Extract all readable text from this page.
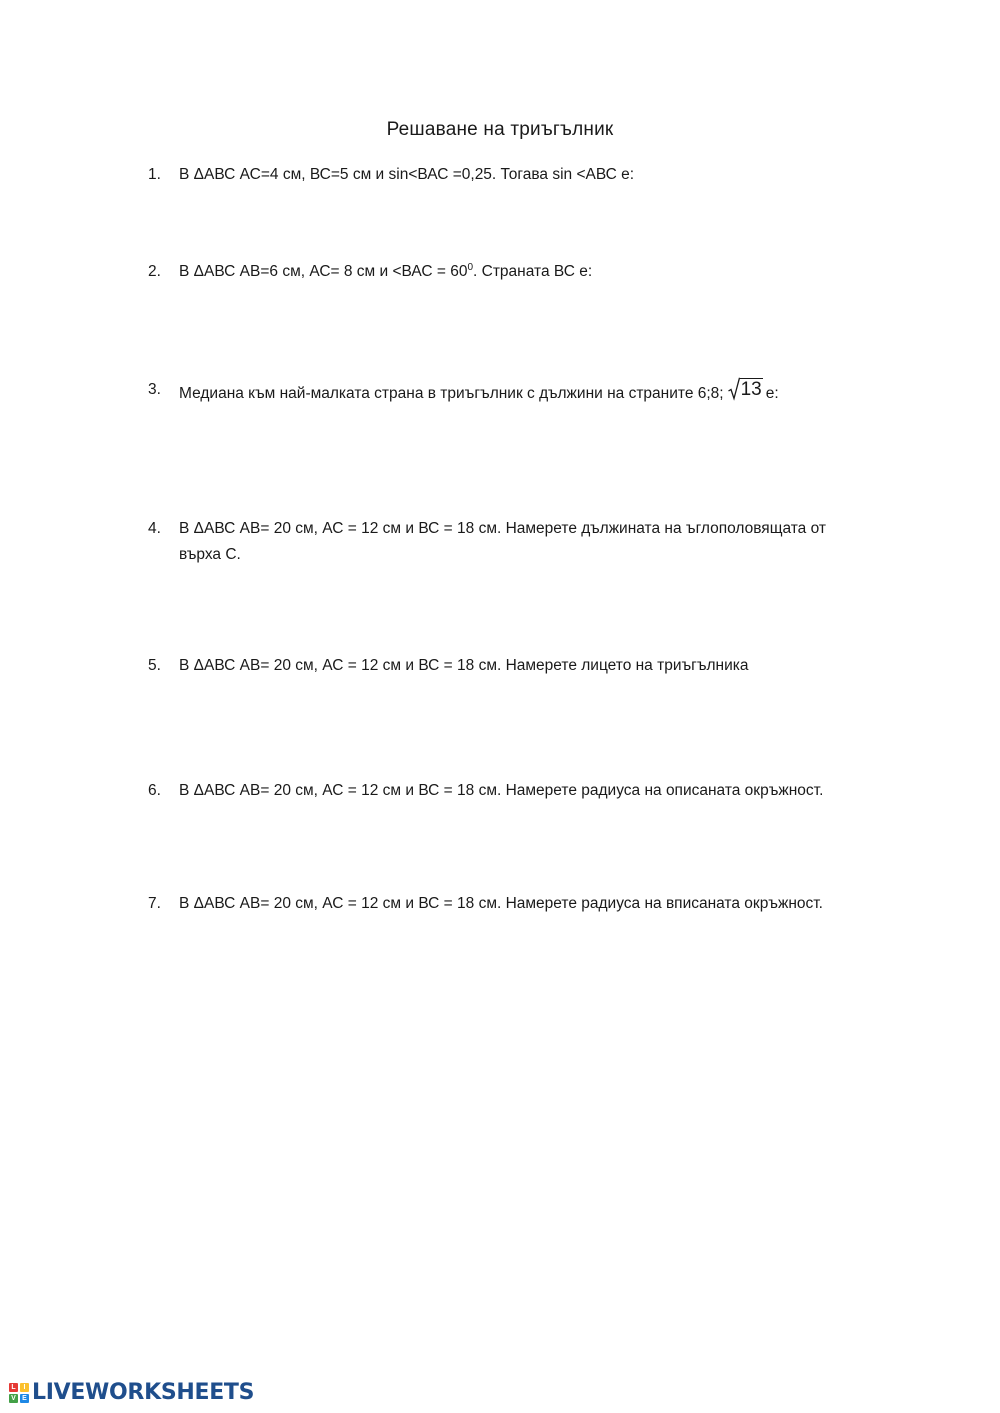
Решаване на триъгълник
1. В ΔАВС АС=4 см, ВС=5 см и sin<ВАС =0,25. Тогава sin <АВС е:
2. В ΔАВС АВ=6 см, АС= 8 см $и <ВАС = 60^0$. Страната ВС е:
3. Медиана към най-малката страна в триъгълник с дължини на страните 6;8; 13 е:
4. В ΔАВС АВ= 20 см, АС = 12 см и ВС = 18 см. Намерете дължината на ъглополовящата от върха С.
5. В ΔАВС АВ= 20 см, АС = 12 см и ВС = 18 см. Намерете лицето на триъгълника
6. В ΔАВС АВ= 20 см, АС = 12 см и ВС = 18 см. Намерете радиуса на описаната окръжност.
7. В ΔАВС АВ= 20 см, АС = 12 см и ВС = 18 см. Намерете радиуса на вписаната окръжност.
L	I
V E LIVEWORKSHEETS
